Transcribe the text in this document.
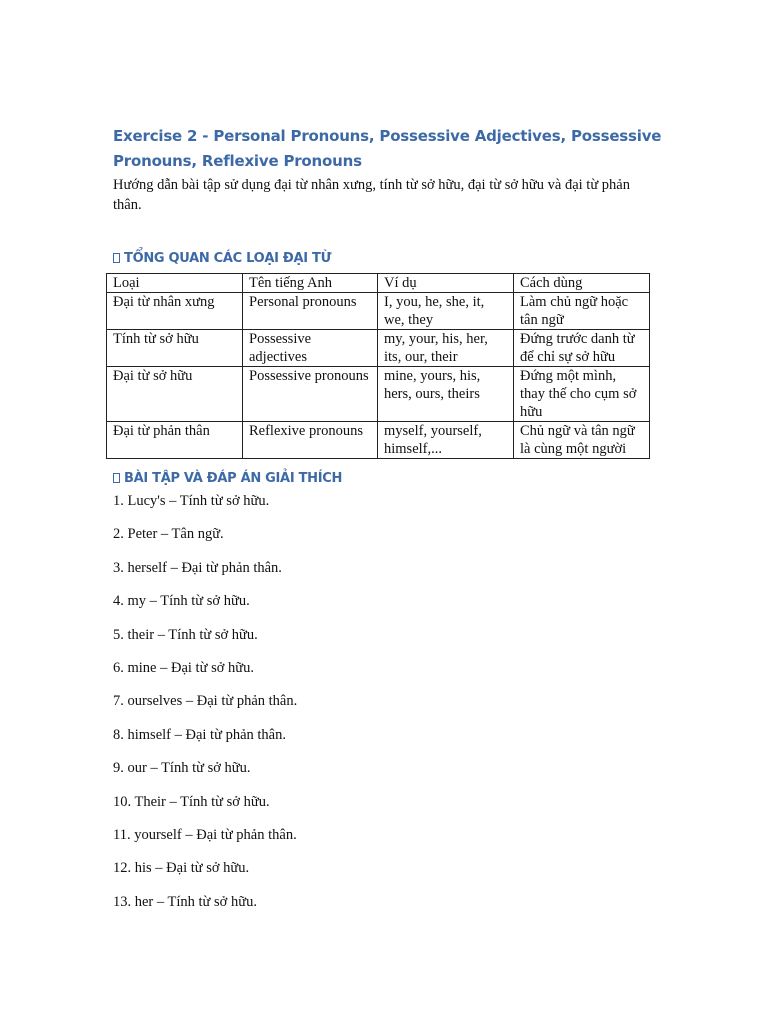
Exercise 2 - Personal Pronouns, Possessive Adjectives, Possessive Pronouns, Reflexive Pronouns

Hướng dẫn bài tập sử dụng đại từ nhân xưng, tính từ sở hữu, đại từ sở hữu và đại từ phản thân.

TỔNG QUAN CÁC LOẠI ĐẠI TỪ
Loại	Tên tiếng Anh	Ví dụ	Cách dùng
Đại từ nhân xưng	Personal pronouns	I, you, he, she, it, we, they	Làm chủ ngữ hoặc tân ngữ
Tính từ sở hữu	Possessive adjectives	my, your, his, her, its, our, their	Đứng trước danh từ để chỉ sự sở hữu
Đại từ sở hữu	Possessive pronouns	mine, yours, his, hers, ours, theirs	Đứng một mình, thay thế cho cụm sở hữu
Đại từ phản thân	Reflexive pronouns	myself, yourself, himself,...	Chủ ngữ và tân ngữ là cùng một người
BÀI TẬP VÀ ĐÁP ÁN GIẢI THÍCH
1. Lucy's – Tính từ sở hữu.
2. Peter – Tân ngữ.
3. herself – Đại từ phản thân.
4. my – Tính từ sở hữu.
5. their – Tính từ sở hữu.
6. mine – Đại từ sở hữu.
7. ourselves – Đại từ phản thân.
8. himself – Đại từ phản thân.
9. our – Tính từ sở hữu.
10. Their – Tính từ sở hữu.
11. yourself – Đại từ phản thân.
12. his – Đại từ sở hữu.
13. her – Tính từ sở hữu.
